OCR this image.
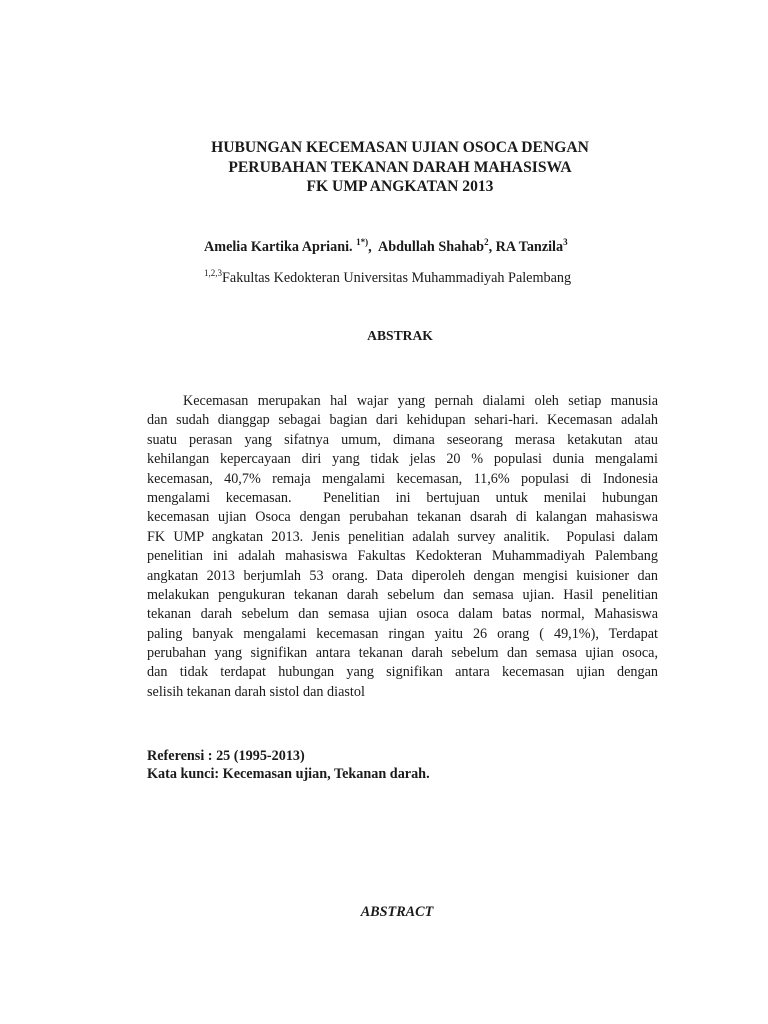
HUBUNGAN KECEMASAN UJIAN OSOCA DENGAN
PERUBAHAN TEKANAN DARAH MAHASISWA
FK UMP ANGKATAN 2013
Amelia Kartika Apriani. $^{1*)}$,  Abdullah Shahab$^2$, RA Tanzila$^3$
$^{1,2,3}$Fakultas Kedokteran Universitas Muhammadiyah Palembang
ABSTRAK
Kecemasan merupakan hal wajar yang pernah dialami oleh setiap manusia
dan sudah dianggap sebagai bagian dari kehidupan sehari-hari. Kecemasan adalah
suatu perasan yang sifatnya umum, dimana seseorang merasa ketakutan atau
kehilangan kepercayaan diri yang tidak jelas 20 % populasi dunia mengalami
kecemasan, 40,7% remaja mengalami kecemasan, 11,6% populasi di Indonesia
mengalami kecemasan.  Penelitian ini bertujuan untuk menilai hubungan
kecemasan ujian Osoca dengan perubahan tekanan dsarah di kalangan mahasiswa
FK UMP angkatan 2013. Jenis penelitian adalah survey analitik.  Populasi dalam
penelitian ini adalah mahasiswa Fakultas Kedokteran Muhammadiyah Palembang
angkatan 2013 berjumlah 53 orang. Data diperoleh dengan mengisi kuisioner dan
melakukan pengukuran tekanan darah sebelum dan semasa ujian. Hasil penelitian
tekanan darah sebelum dan semasa ujian osoca dalam batas normal, Mahasiswa
paling banyak mengalami kecemasan ringan yaitu 26 orang ( 49,1%), Terdapat
perubahan yang signifikan antara tekanan darah sebelum dan semasa ujian osoca,
dan tidak terdapat hubungan yang signifikan antara kecemasan ujian dengan
selisih tekanan darah sistol dan diastol
Referensi : 25 (1995-2013)
Kata kunci: Kecemasan ujian, Tekanan darah.
ABSTRACT
